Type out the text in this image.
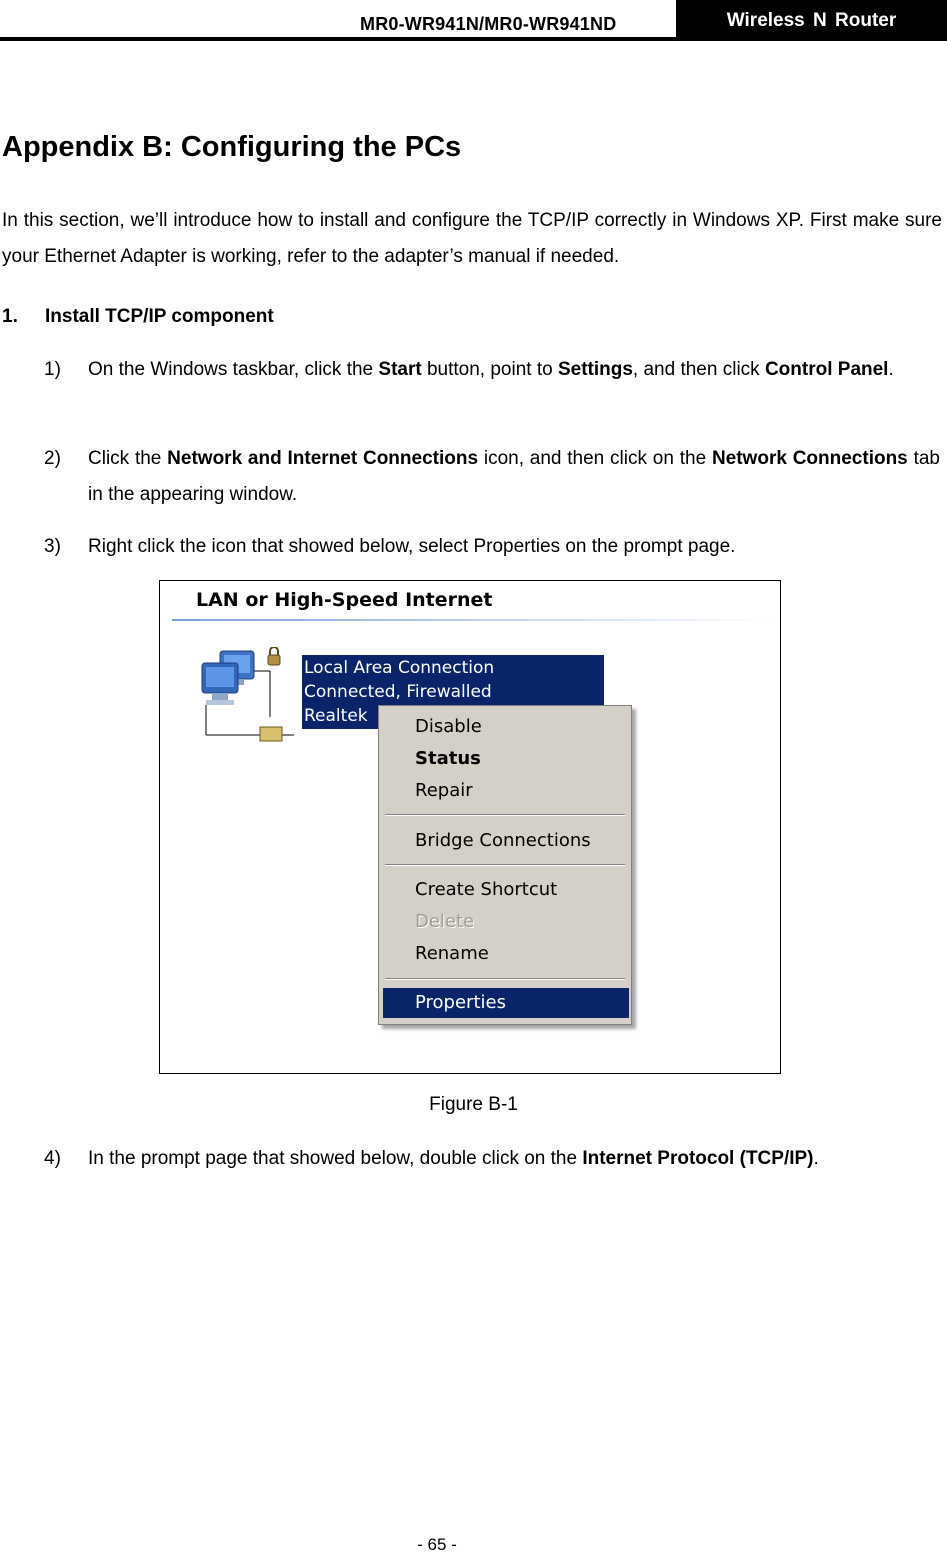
MR0-WR941N/MR0-WR941ND	Wireless N Router
Appendix B: Configuring the PCs
In this section, we’ll introduce how to install and configure the TCP/IP correctly in Windows XP. First make sure your Ethernet Adapter is working, refer to the adapter’s manual if needed.
1. Install TCP/IP component
1) On the Windows taskbar, click the Start button, point to Settings, and then click Control Panel.
2) Click the Network and Internet Connections icon, and then click on the Network Connections tab in the appearing window.
3) Right click the icon that showed below, select Properties on the prompt page.
LAN or High-Speed Internet
Local Area Connection
Connected, Firewalled
Realtek	Disable
Status
Repair
Bridge Connections
Create Shortcut
Delete
Rename
Properties
Figure B-1
4) In the prompt page that showed below, double click on the Internet Protocol (TCP/IP).
- 65 -
